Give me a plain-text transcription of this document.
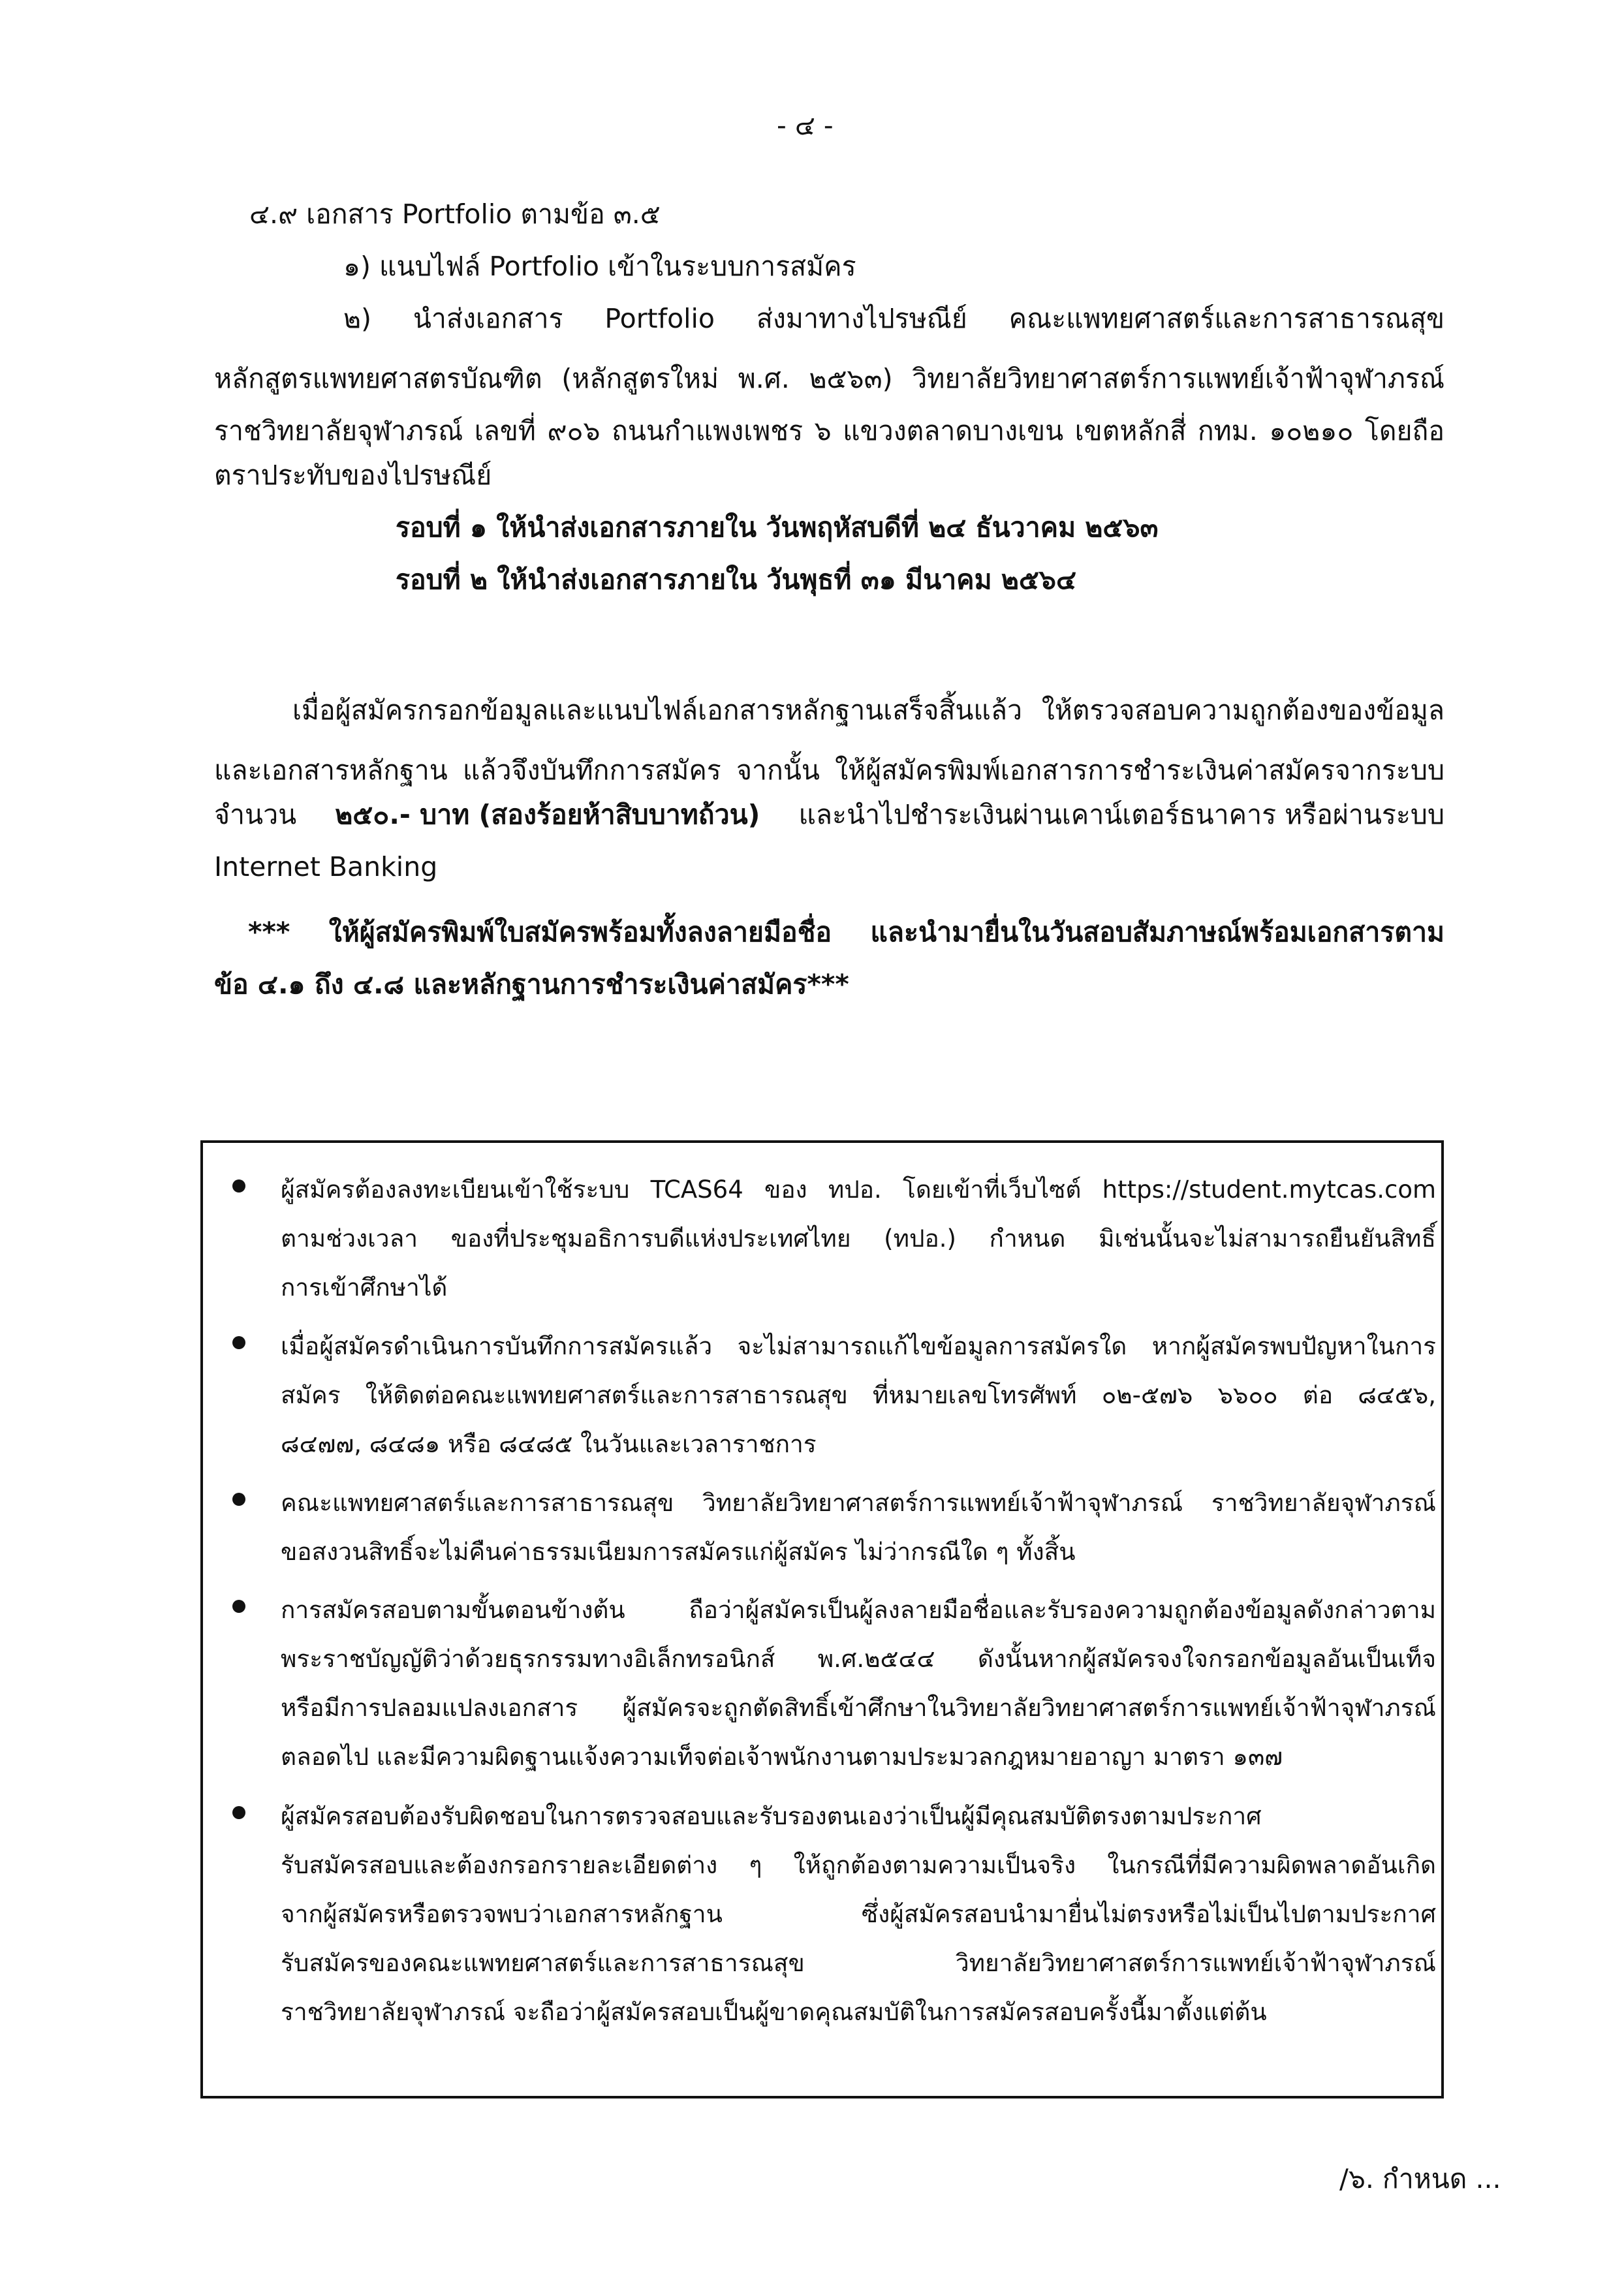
- ๔ -
๔.๙ เอกสาร Portfolio ตามข้อ ๓.๕
๑) แนบไฟล์ Portfolio เข้าในระบบการสมัคร
๒) นำส่งเอกสาร Portfolio ส่งมาทางไปรษณีย์ คณะแพทยศาสตร์และการสาธารณสุข
หลักสูตรแพทยศาสตรบัณฑิต (หลักสูตรใหม่ พ.ศ. ๒๕๖๓) วิทยาลัยวิทยาศาสตร์การแพทย์เจ้าฟ้าจุฬาภรณ์
ราชวิทยาลัยจุฬาภรณ์ เลขที่ ๙๐๖ ถนนกำแพงเพชร ๖ แขวงตลาดบางเขน เขตหลักสี่ กทม. ๑๐๒๑๐ โดยถือ
ตราประทับของไปรษณีย์
รอบที่ ๑ ให้นำส่งเอกสารภายใน วันพฤหัสบดีที่ ๒๔ ธันวาคม ๒๕๖๓
รอบที่ ๒ ให้นำส่งเอกสารภายใน วันพุธที่ ๓๑ มีนาคม ๒๕๖๔
เมื่อผู้สมัครกรอกข้อมูลและแนบไฟล์เอกสารหลักฐานเสร็จสิ้นแล้ว ให้ตรวจสอบความถูกต้องของข้อมูล
และเอกสารหลักฐาน แล้วจึงบันทึกการสมัคร จากนั้น ให้ผู้สมัครพิมพ์เอกสารการชำระเงินค่าสมัครจากระบบ
จำนวน ๒๕๐.- บาท (สองร้อยห้าสิบบาทถ้วน) และนำไปชำระเงินผ่านเคาน์เตอร์ธนาคาร หรือผ่านระบบ
Internet Banking
*** ให้ผู้สมัครพิมพ์ใบสมัครพร้อมทั้งลงลายมือชื่อ และนำมายื่นในวันสอบสัมภาษณ์พร้อมเอกสารตาม
ข้อ ๔.๑ ถึง ๔.๘ และหลักฐานการชำระเงินค่าสมัคร***
ผู้สมัครต้องลงทะเบียนเข้าใช้ระบบ TCAS64 ของ ทปอ. โดยเข้าที่เว็บไซต์ https://student.mytcas.com
ตามช่วงเวลา ของที่ประชุมอธิการบดีแห่งประเทศไทย (ทปอ.) กำหนด มิเช่นนั้นจะไม่สามารถยืนยันสิทธิ์
การเข้าศึกษาได้
เมื่อผู้สมัครดำเนินการบันทึกการสมัครแล้ว จะไม่สามารถแก้ไขข้อมูลการสมัครใด หากผู้สมัครพบปัญหาในการ
สมัคร ให้ติดต่อคณะแพทยศาสตร์และการสาธารณสุข ที่หมายเลขโทรศัพท์ ๐๒-๕๗๖ ๖๖๐๐ ต่อ ๘๔๕๖,
๘๔๗๗, ๘๔๘๑ หรือ ๘๔๘๕ ในวันและเวลาราชการ
คณะแพทยศาสตร์และการสาธารณสุข วิทยาลัยวิทยาศาสตร์การแพทย์เจ้าฟ้าจุฬาภรณ์ ราชวิทยาลัยจุฬาภรณ์
ขอสงวนสิทธิ์จะไม่คืนค่าธรรมเนียมการสมัครแก่ผู้สมัคร ไม่ว่ากรณีใด ๆ ทั้งสิ้น
การสมัครสอบตามขั้นตอนข้างต้น ถือว่าผู้สมัครเป็นผู้ลงลายมือชื่อและรับรองความถูกต้องข้อมูลดังกล่าวตาม
พระราชบัญญัติว่าด้วยธุรกรรมทางอิเล็กทรอนิกส์ พ.ศ.๒๕๔๔ ดังนั้นหากผู้สมัครจงใจกรอกข้อมูลอันเป็นเท็จ
หรือมีการปลอมแปลงเอกสาร ผู้สมัครจะถูกตัดสิทธิ์เข้าศึกษาในวิทยาลัยวิทยาศาสตร์การแพทย์เจ้าฟ้าจุฬาภรณ์
ตลอดไป และมีความผิดฐานแจ้งความเท็จต่อเจ้าพนักงานตามประมวลกฎหมายอาญา มาตรา ๑๓๗
ผู้สมัครสอบต้องรับผิดชอบในการตรวจสอบและรับรองตนเองว่าเป็นผู้มีคุณสมบัติตรงตามประกาศ
รับสมัครสอบและต้องกรอกรายละเอียดต่าง ๆ ให้ถูกต้องตามความเป็นจริง ในกรณีที่มีความผิดพลาดอันเกิด
จากผู้สมัครหรือตรวจพบว่าเอกสารหลักฐาน ซึ่งผู้สมัครสอบนำมายื่นไม่ตรงหรือไม่เป็นไปตามประกาศ
รับสมัครของคณะแพทยศาสตร์และการสาธารณสุข วิทยาลัยวิทยาศาสตร์การแพทย์เจ้าฟ้าจุฬาภรณ์
ราชวิทยาลัยจุฬาภรณ์ จะถือว่าผู้สมัครสอบเป็นผู้ขาดคุณสมบัติในการสมัครสอบครั้งนี้มาตั้งแต่ต้น
/๖. กำหนด ...
